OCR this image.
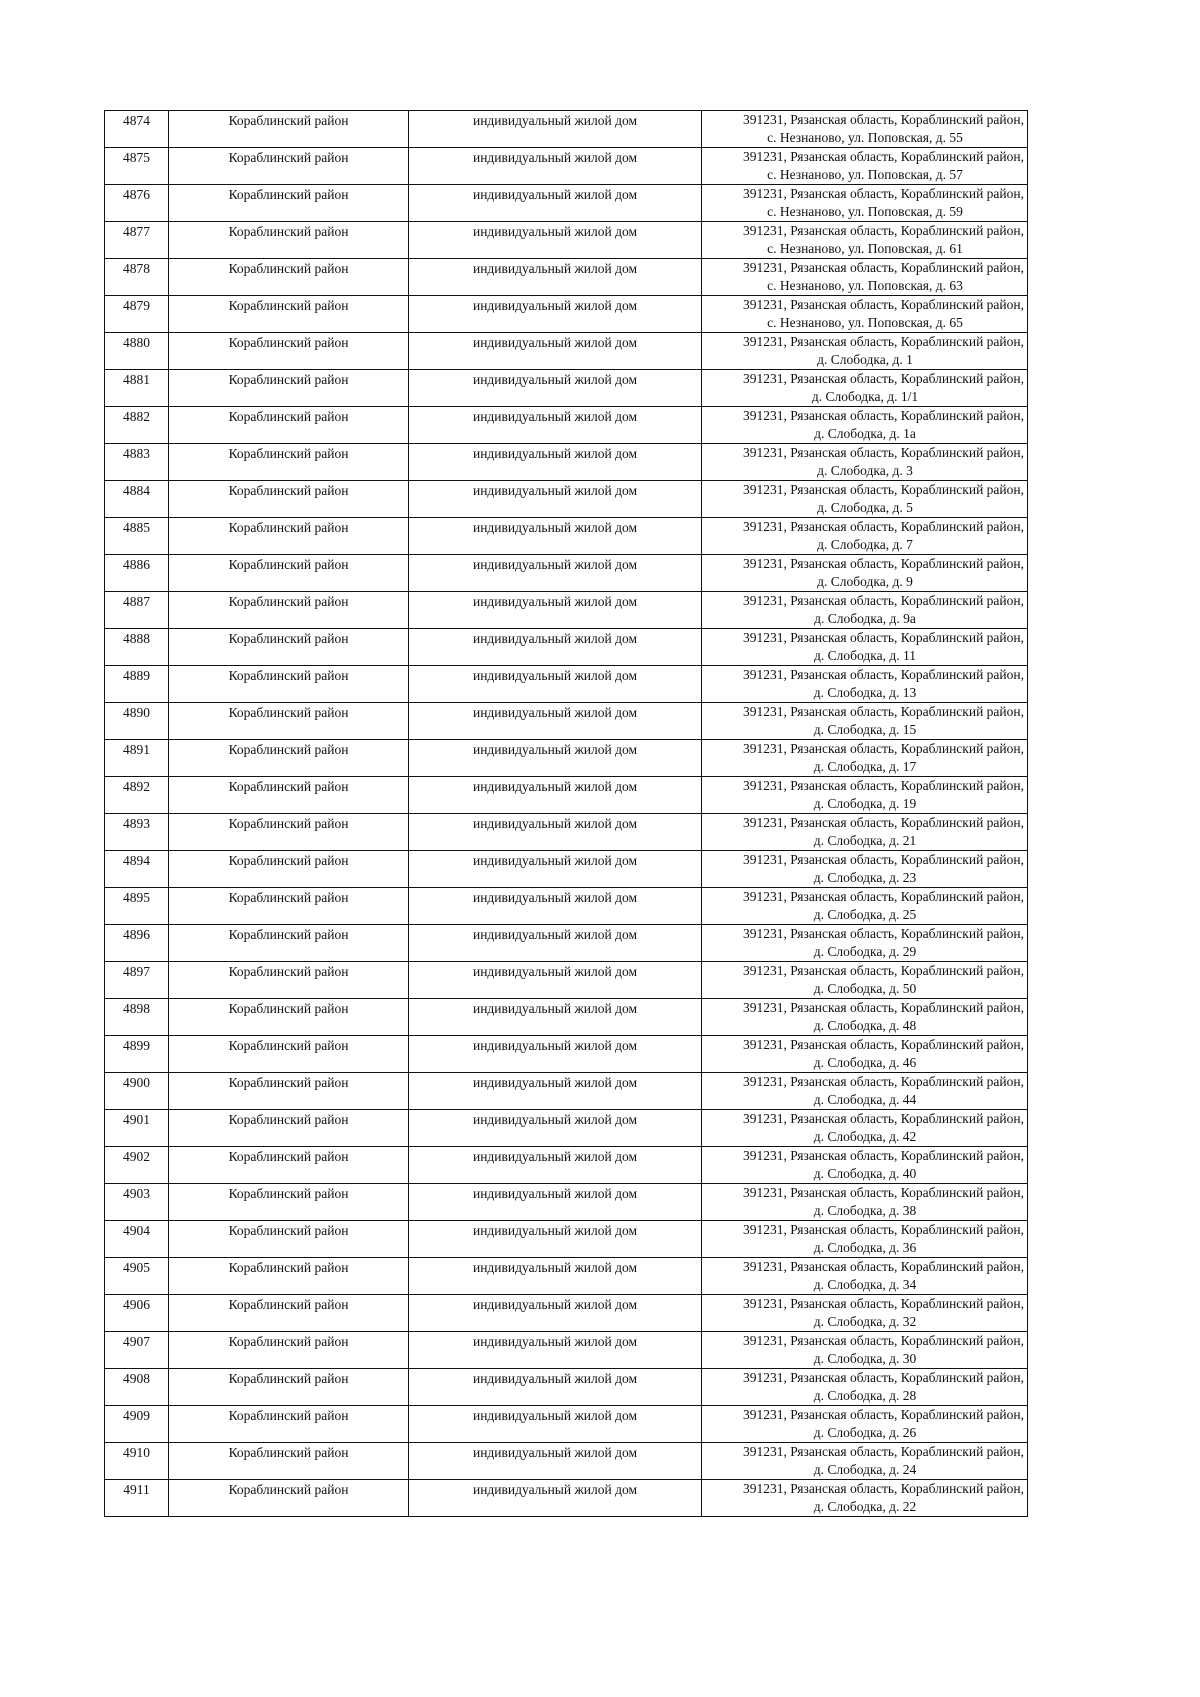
4874	Кораблинский район	индивидуальный жилой дом	391231, Рязанская область, Кораблинский район,
с. Незнаново, ул. Поповская, д. 55

4875	Кораблинский район	индивидуальный жилой дом	391231, Рязанская область, Кораблинский район,
с. Незнаново, ул. Поповская, д. 57

4876	Кораблинский район	индивидуальный жилой дом	391231, Рязанская область, Кораблинский район,
с. Незнаново, ул. Поповская, д. 59

4877	Кораблинский район	индивидуальный жилой дом	391231, Рязанская область, Кораблинский район,
с. Незнаново, ул. Поповская, д. 61

4878	Кораблинский район	индивидуальный жилой дом	391231, Рязанская область, Кораблинский район,
с. Незнаново, ул. Поповская, д. 63

4879	Кораблинский район	индивидуальный жилой дом	391231, Рязанская область, Кораблинский район,
с. Незнаново, ул. Поповская, д. 65

4880	Кораблинский район	индивидуальный жилой дом	391231, Рязанская область, Кораблинский район,
д. Слободка, д. 1

4881	Кораблинский район	индивидуальный жилой дом	391231, Рязанская область, Кораблинский район,
д. Слободка, д. 1/1

4882	Кораблинский район	индивидуальный жилой дом	391231, Рязанская область, Кораблинский район,
д. Слободка, д. 1а

4883	Кораблинский район	индивидуальный жилой дом	391231, Рязанская область, Кораблинский район,
д. Слободка, д. 3

4884	Кораблинский район	индивидуальный жилой дом	391231, Рязанская область, Кораблинский район,
д. Слободка, д. 5

4885	Кораблинский район	индивидуальный жилой дом	391231, Рязанская область, Кораблинский район,
д. Слободка, д. 7

4886	Кораблинский район	индивидуальный жилой дом	391231, Рязанская область, Кораблинский район,
д. Слободка, д. 9

4887	Кораблинский район	индивидуальный жилой дом	391231, Рязанская область, Кораблинский район,
д. Слободка, д. 9а

4888	Кораблинский район	индивидуальный жилой дом	391231, Рязанская область, Кораблинский район,
д. Слободка, д. 11

4889	Кораблинский район	индивидуальный жилой дом	391231, Рязанская область, Кораблинский район,
д. Слободка, д. 13

4890	Кораблинский район	индивидуальный жилой дом	391231, Рязанская область, Кораблинский район,
д. Слободка, д. 15

4891	Кораблинский район	индивидуальный жилой дом	391231, Рязанская область, Кораблинский район,
д. Слободка, д. 17

4892	Кораблинский район	индивидуальный жилой дом	391231, Рязанская область, Кораблинский район,
д. Слободка, д. 19

4893	Кораблинский район	индивидуальный жилой дом	391231, Рязанская область, Кораблинский район,
д. Слободка, д. 21

4894	Кораблинский район	индивидуальный жилой дом	391231, Рязанская область, Кораблинский район,
д. Слободка, д. 23

4895	Кораблинский район	индивидуальный жилой дом	391231, Рязанская область, Кораблинский район,
д. Слободка, д. 25

4896	Кораблинский район	индивидуальный жилой дом	391231, Рязанская область, Кораблинский район,
д. Слободка, д. 29

4897	Кораблинский район	индивидуальный жилой дом	391231, Рязанская область, Кораблинский район,
д. Слободка, д. 50

4898	Кораблинский район	индивидуальный жилой дом	391231, Рязанская область, Кораблинский район,
д. Слободка, д. 48

4899	Кораблинский район	индивидуальный жилой дом	391231, Рязанская область, Кораблинский район,
д. Слободка, д. 46

4900	Кораблинский район	индивидуальный жилой дом	391231, Рязанская область, Кораблинский район,
д. Слободка, д. 44

4901	Кораблинский район	индивидуальный жилой дом	391231, Рязанская область, Кораблинский район,
д. Слободка, д. 42

4902	Кораблинский район	индивидуальный жилой дом	391231, Рязанская область, Кораблинский район,
д. Слободка, д. 40

4903	Кораблинский район	индивидуальный жилой дом	391231, Рязанская область, Кораблинский район,
д. Слободка, д. 38

4904	Кораблинский район	индивидуальный жилой дом	391231, Рязанская область, Кораблинский район,
д. Слободка, д. 36

4905	Кораблинский район	индивидуальный жилой дом	391231, Рязанская область, Кораблинский район,
д. Слободка, д. 34

4906	Кораблинский район	индивидуальный жилой дом	391231, Рязанская область, Кораблинский район,
д. Слободка, д. 32

4907	Кораблинский район	индивидуальный жилой дом	391231, Рязанская область, Кораблинский район,
д. Слободка, д. 30

4908	Кораблинский район	индивидуальный жилой дом	391231, Рязанская область, Кораблинский район,
д. Слободка, д. 28

4909	Кораблинский район	индивидуальный жилой дом	391231, Рязанская область, Кораблинский район,
д. Слободка, д. 26

4910	Кораблинский район	индивидуальный жилой дом	391231, Рязанская область, Кораблинский район,
д. Слободка, д. 24

4911	Кораблинский район	индивидуальный жилой дом	391231, Рязанская область, Кораблинский район,
д. Слободка, д. 22
